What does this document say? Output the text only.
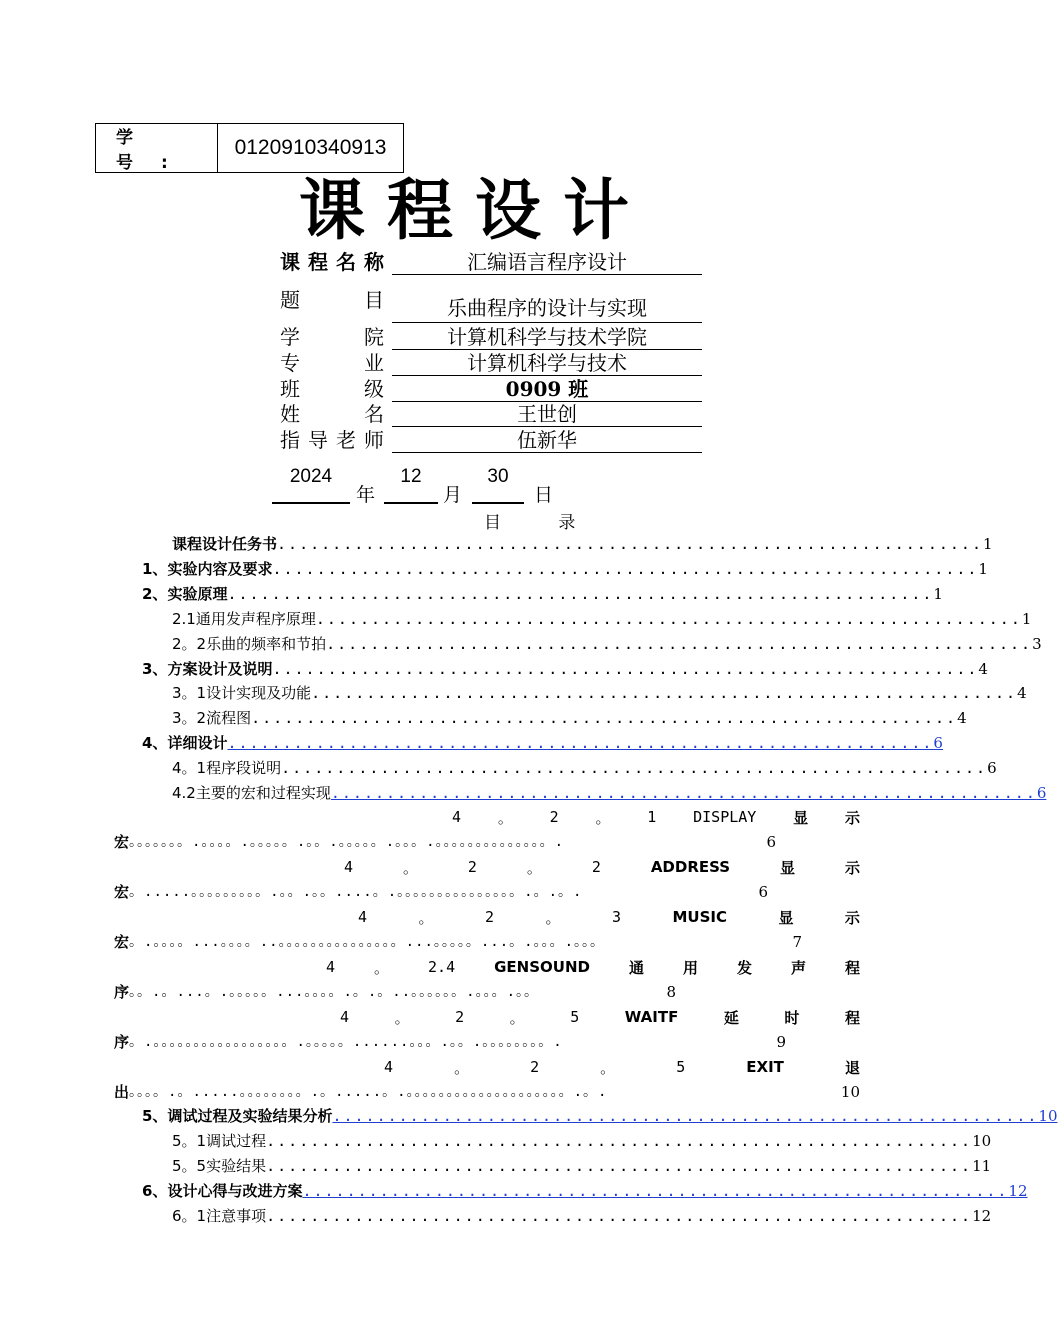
学 号:
0120910340913
课程设计
课程名称	汇编语言程序设计
题 目	乐曲程序的设计与实现
学 院	计算机科学与技术学院
专 业	计算机科学与技术
班 级	0909 班
姓 名	王世创
指导老师	伍新华
2024
年
12
月
30
日
目 录
课程设计任务书 ................................................................ 1
1、 实验内容及要求 ................................................................ 1
2、 实验原理 ................................................................ 1
2.1 通用发声程序原理 ................................................................ 1
2。2 乐曲的频率和节拍 ................................................................ 3
3、 方案设计及说明 ................................................................ 4
3。1 设计实现及功能 ................................................................ 4
3。2 流程图 ................................................................ 4
4、 详细设计 ................................................................ 6
4。1 程序段说明 ................................................................ 6
4.2 主要的宏和过程实现 ................................................................ 6
4 。 2 。 1 DISPLAY 显 示
宏 。。。。。。。.。。。。.。。。。。.。。.。。。。。.。。。.。。。。。。。。。。。。。。.	6
4	。	2	。	2	ADDRESS	显	示
宏 。.....。。。。。。。。。.。。.。。....。.。。。。。。。。。。。。。。。.。.。.	6
4	。	2	。	3	MUSIC	显	示
宏 。.。。。。...。。。。..。。。。。。。。。。。。。。。...。。。。。...。.。。。.。。。	7
4	。	2.4	GENSOUND	通	用	发	声	程
序 。。.。...。.。。。。。...。。。。.。.。..。。。。。。.。。。.。。	8
4	。	2	。	5	WAITF	延	时	程
序 。.。。。。。。。。。。。。。。。。。.。。。。。......。。。.。。.。。。。。。。。.	9
4	。	2	。	5	EXIT	退
出 。。。。.。.....。。。。。。。。.。.....。.。。。。。。。。。。。。。。。。。。。。.。.	10
5、 调试过程及实验结果分析 ................................................................ 10
5。1 调试过程 ................................................................ 10
5。5 实验结果 ................................................................ 11
6、 设计心得与改进方案 ................................................................ 12
6。1 注意事项 ................................................................ 12
